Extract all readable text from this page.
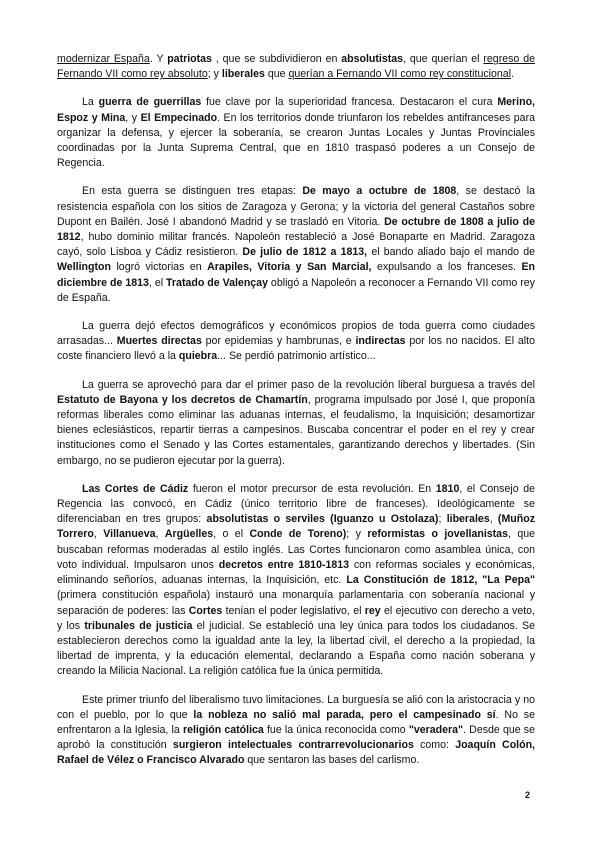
modernizar España. Y patriotas , que se subdividieron en absolutistas, que querían el regreso de Fernando VII como rey absoluto; y liberales que querían a Fernando VII como rey constitucional.

La guerra de guerrillas fue clave por la superioridad francesa. Destacaron el cura Merino, Espoz y Mina, y El Empecinado. En los territorios donde triunfaron los rebeldes antifranceses para organizar la defensa, y ejercer la soberanía, se crearon Juntas Locales y Juntas Provinciales coordinadas por la Junta Suprema Central, que en 1810 traspasó poderes a un Consejo de Regencia.

En esta guerra se distinguen tres etapas: De mayo a octubre de 1808, se destacó la resistencia española con los sitios de Zaragoza y Gerona; y la victoria del general Castaños sobre Dupont en Bailén. José I abandonó Madrid y se trasladó en Vitoria. De octubre de 1808 a julio de 1812, hubo dominio militar francés. Napoleón restableció a José Bonaparte en Madrid. Zaragoza cayó, solo Lisboa y Cádiz resistieron. De julio de 1812 a 1813, el bando aliado bajo el mando de Wellington logró victorias en Arapiles, Vitoria y San Marcial, expulsando a los franceses. En diciembre de 1813, el Tratado de Valençay obligó a Napoleón a reconocer a Fernando VII como rey de España.

La guerra dejó efectos demográficos y económicos propios de toda guerra como ciudades arrasadas... Muertes directas por epidemias y hambrunas, e indirectas por los no nacidos. El alto coste financiero llevó a la quiebra... Se perdió patrimonio artístico...

La guerra se aprovechó para dar el primer paso de la revolución liberal burguesa a través del Estatuto de Bayona y los decretos de Chamartín, programa impulsado por José I, que proponía reformas liberales como eliminar las aduanas internas, el feudalismo, la Inquisición; desamortizar bienes eclesiásticos, repartir tierras a campesinos. Buscaba concentrar el poder en el rey y crear instituciones como el Senado y las Cortes estamentales, garantizando derechos y libertades. (Sin embargo, no se pudieron ejecutar por la guerra).

Las Cortes de Cádiz fueron el motor precursor de esta revolución. En 1810, el Consejo de Regencia las convocó, en Cádiz (único territorio libre de franceses). Ideológicamente se diferenciaban en tres grupos: absolutistas o serviles (Iguanzo u Ostolaza); liberales, (Muñoz Torrero, Villanueva, Argüelles, o el Conde de Toreno); y reformistas o jovellanistas, que buscaban reformas moderadas al estilo inglés. Las Cortes funcionaron como asamblea única, con voto individual. Impulsaron unos decretos entre 1810-1813 con reformas sociales y económicas, eliminando señoríos, aduanas internas, la Inquisición, etc. La Constitución de 1812, "La Pepa" (primera constitución española) instauró una monarquía parlamentaria con soberanía nacional y separación de poderes: las Cortes tenían el poder legislativo, el rey el ejecutivo con derecho a veto, y los tribunales de justicia el judicial. Se estableció una ley única para todos los ciudadanos. Se establecieron derechos como la igualdad ante la ley, la libertad civil, el derecho a la propiedad, la libertad de imprenta, y la educación elemental, declarando a España como nación soberana y creando la Milicia Nacional. La religión católica fue la única permitida.

Este primer triunfo del liberalismo tuvo limitaciones. La burguesía se alió con la aristocracia y no con el pueblo, por lo que la nobleza no salió mal parada, pero el campesinado sí. No se enfrentaron a la Iglesia, la religión católica fue la única reconocida como "veradera". Desde que se aprobó la constitución surgieron intelectuales contrarrevolucionarios como: Joaquín Colón, Rafael de Vélez o Francisco Alvarado que sentaron las bases del carlismo.

2
